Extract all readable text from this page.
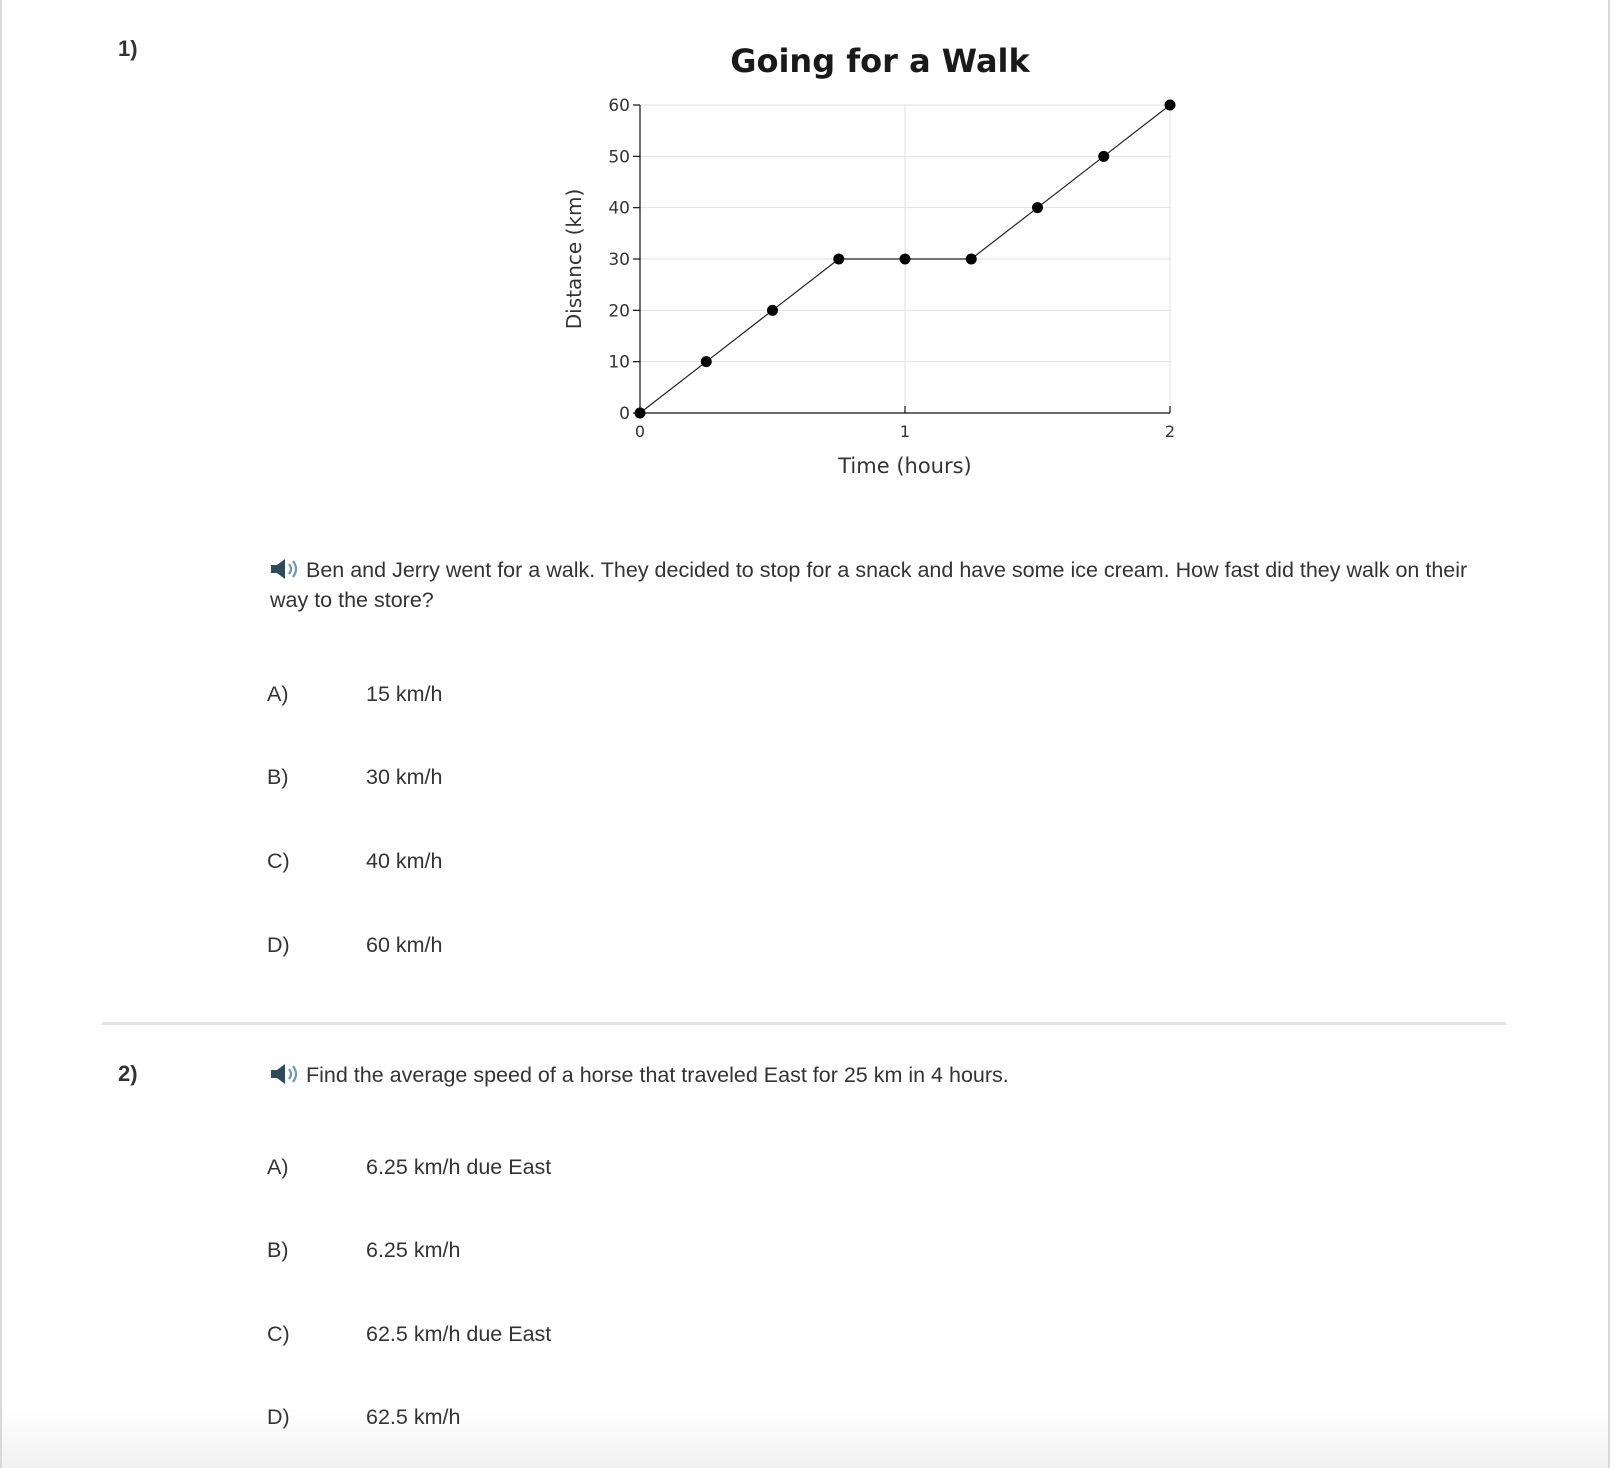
1)	Going for a Walk
0
10
20
30
40
50
60
0	1	2
Distance (km)
Time (hours)
Ben and Jerry went for a walk. They decided to stop for a snack and have some ice cream. How fast did they walk on their way to the store?
A)	15 km/h
B)	30 km/h
C)	40 km/h
D)	60 km/h
2)	Find the average speed of a horse that traveled East for 25 km in 4 hours.
A)	6.25 km/h due East
B)	6.25 km/h
C)	62.5 km/h due East
D)	62.5 km/h
